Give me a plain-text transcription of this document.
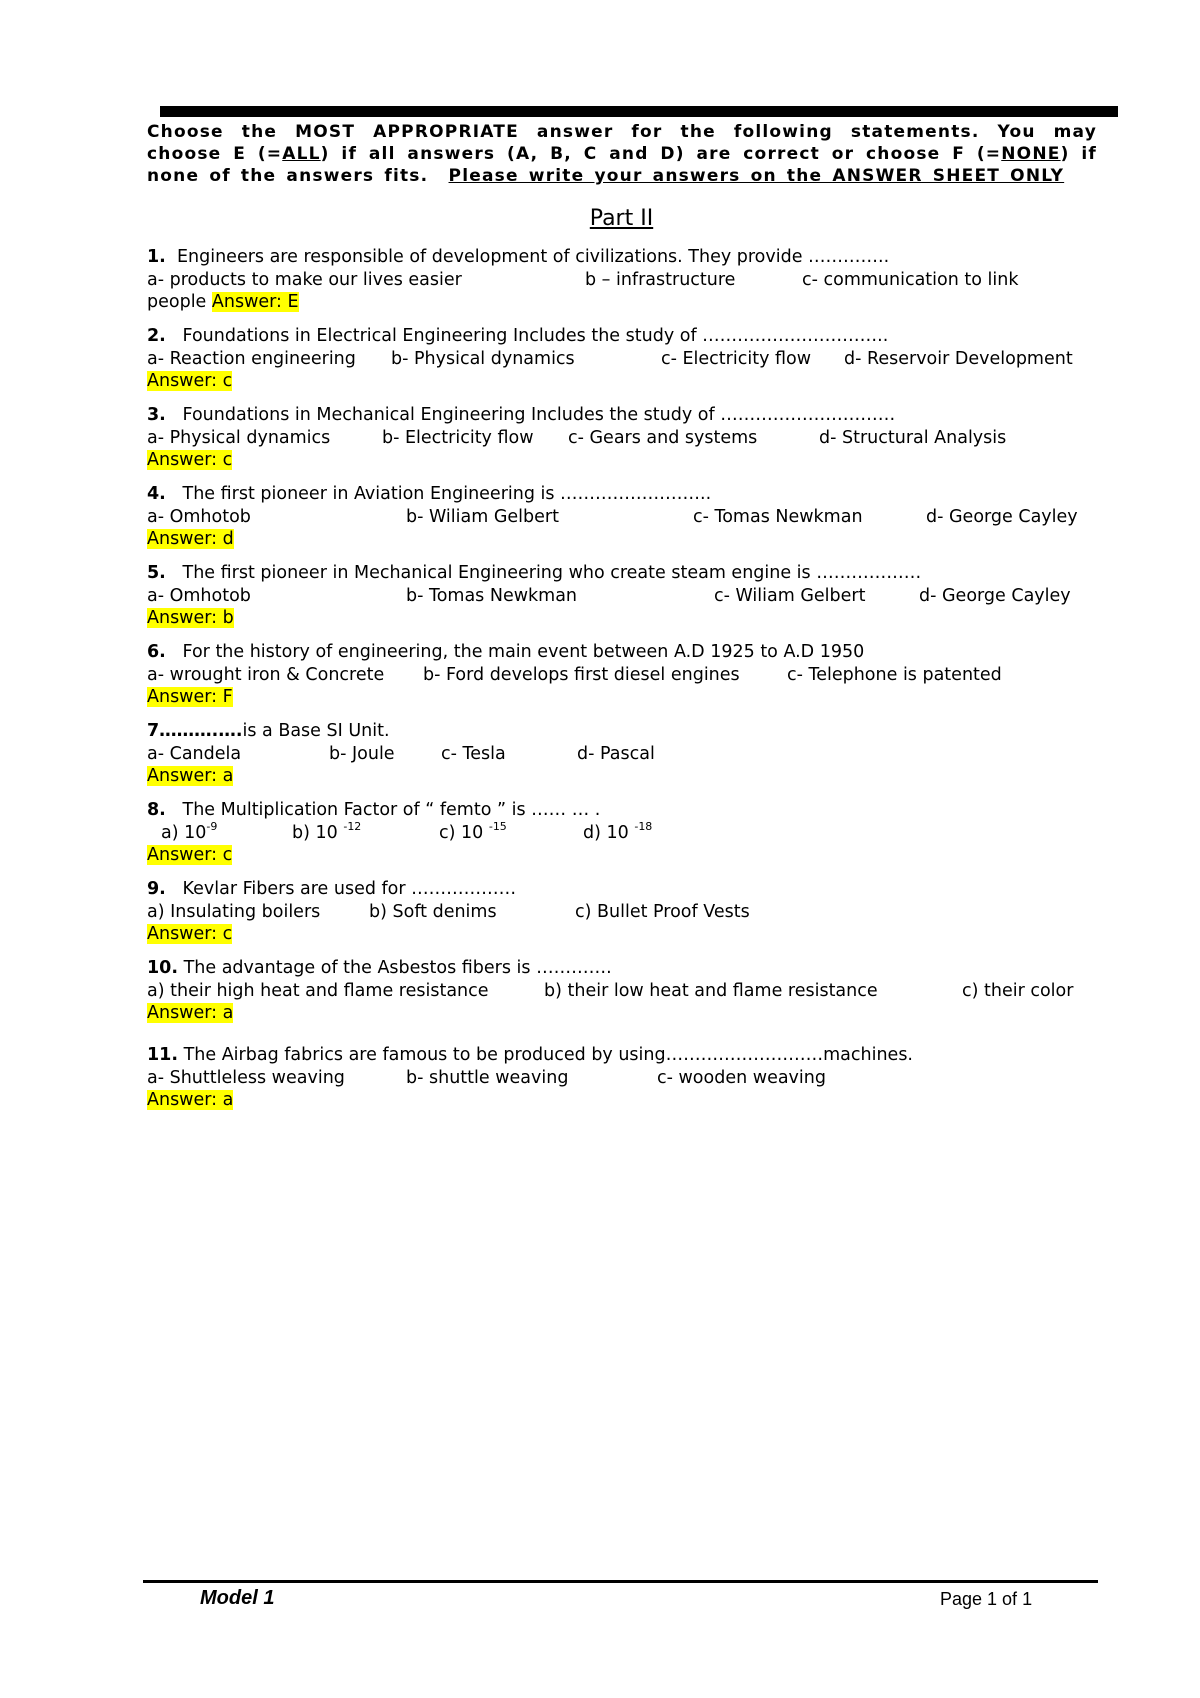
Choose the MOST APPROPRIATE answer for the following statements. You may choose E (=ALL) if all answers (A, B, C and D) are correct or choose F (=NONE) if none of the answers fits. Please write your answers on the ANSWER SHEET ONLY
Part II
1. Engineers are responsible of development of civilizations. They provide …………..
a- products to make our lives easier	b – infrastructure	c- communication to link
people Answer: E
2. Foundations in Electrical Engineering Includes the study of …………………………..
a- Reaction engineering b- Physical dynamics	c- Electricity flow d- Reservoir Development
Answer: c
3. Foundations in Mechanical Engineering Includes the study of …………………………
a- Physical dynamics	b- Electricity flow c- Gears and systems	d- Structural Analysis
Answer: c
4. The first pioneer in Aviation Engineering is ……………………..
a- Omhotob	b- Wiliam Gelbert	c- Tomas Newkman	d- George Cayley
Answer: d
5. The first pioneer in Mechanical Engineering who create steam engine is ………………
a- Omhotob	b- Tomas Newkman	c- Wiliam Gelbert	d- George Cayley
Answer: b
6. For the history of engineering, the main event between A.D 1925 to A.D 1950
a- wrought iron & Concrete b- Ford develops first diesel engines	c- Telephone is patented
Answer: F
7……….….is a Base SI Unit.
a- Candela	b- Joule	c- Tesla	d- Pascal
Answer: a
8. The Multiplication Factor of “ femto ” is …… … .
a) $10^{-9}$	b) 10 $^{-12}$	c) 10 $^{-15}$	d) 10 $^{-18}$
Answer: c
9. Kevlar Fibers are used for ………………
a) Insulating boilers	b) Soft denims	c) Bullet Proof Vests
Answer: c
10. The advantage of the Asbestos fibers is ………….
a) their high heat and flame resistance	b) their low heat and flame resistance	c) their color
Answer: a
11. The Airbag fabrics are famous to be produced by using………………………machines.
a- Shuttleless weaving	b- shuttle weaving	c- wooden weaving
Answer: a
Model 1	Page 1 of 1
